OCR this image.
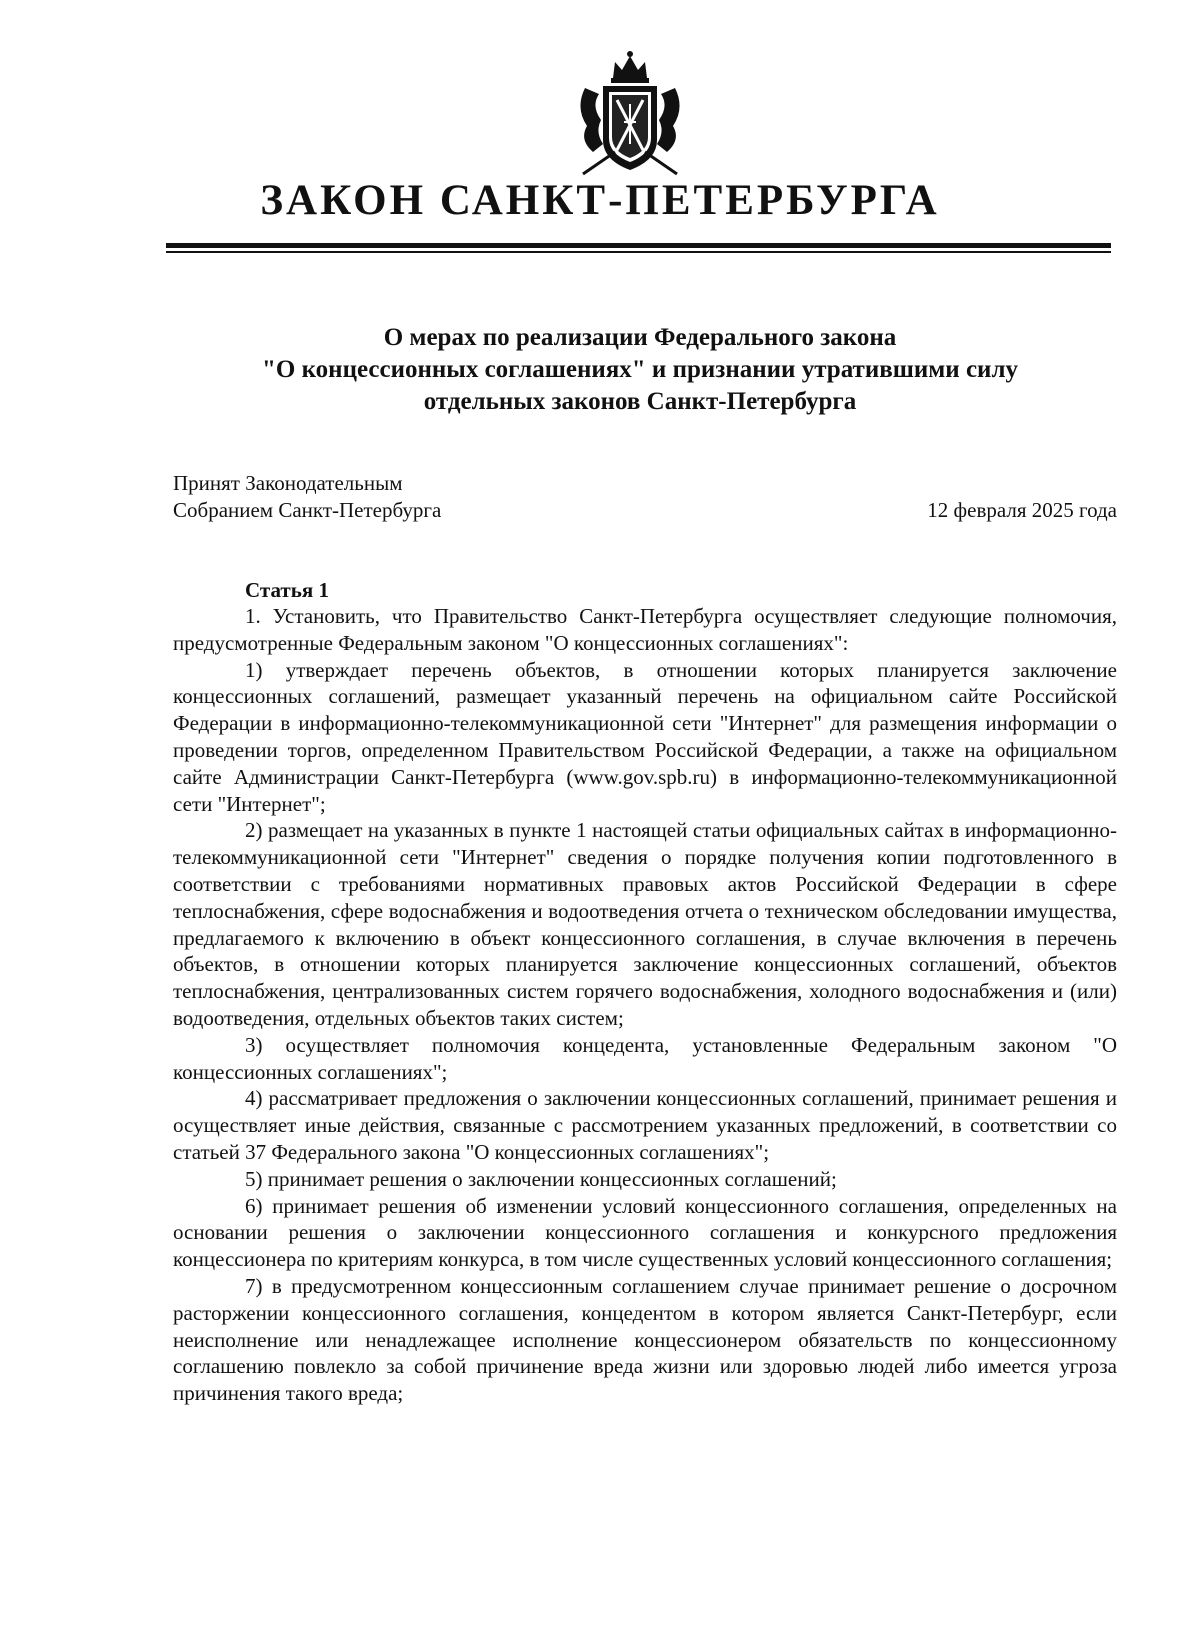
ЗАКОН САНКТ-ПЕТЕРБУРГА
О мерах по реализации Федерального закона
"О концессионных соглашениях" и признании утратившими силу
отдельных законов Санкт-Петербурга
Принят Законодательным
Собранием Санкт-Петербурга	12 февраля 2025 года
Статья 1

1. Установить, что Правительство Санкт-Петербурга осуществляет следующие полномочия, предусмотренные Федеральным законом "О концессионных соглашениях":

1) утверждает перечень объектов, в отношении которых планируется заключение концессионных соглашений, размещает указанный перечень на официальном сайте Российской Федерации в информационно-телекоммуникационной сети "Интернет" для размещения информации о проведении торгов, определенном Правительством Российской Федерации, а также на официальном сайте Администрации Санкт-Петербурга (www.gov.spb.ru) в информационно-телекоммуникационной сети "Интернет";

2) размещает на указанных в пункте 1 настоящей статьи официальных сайтах в информационно-телекоммуникационной сети "Интернет" сведения о порядке получения копии подготовленного в соответствии с требованиями нормативных правовых актов Российской Федерации в сфере теплоснабжения, сфере водоснабжения и водоотведения отчета о техническом обследовании имущества, предлагаемого к включению в объект концессионного соглашения, в случае включения в перечень объектов, в отношении которых планируется заключение концессионных соглашений, объектов теплоснабжения, централизованных систем горячего водоснабжения, холодного водоснабжения и (или) водоотведения, отдельных объектов таких систем;

3) осуществляет полномочия концедента, установленные Федеральным законом "О концессионных соглашениях";

4) рассматривает предложения о заключении концессионных соглашений, принимает решения и осуществляет иные действия, связанные с рассмотрением указанных предложений, в соответствии со статьей 37 Федерального закона "О концессионных соглашениях";

5) принимает решения о заключении концессионных соглашений;

6) принимает решения об изменении условий концессионного соглашения, определенных на основании решения о заключении концессионного соглашения и конкурсного предложения концессионера по критериям конкурса, в том числе существенных условий концессионного соглашения;

7) в предусмотренном концессионным соглашением случае принимает решение о досрочном расторжении концессионного соглашения, концедентом в котором является Санкт-Петербург, если неисполнение или ненадлежащее исполнение концессионером обязательств по концессионному соглашению повлекло за собой причинение вреда жизни или здоровью людей либо имеется угроза причинения такого вреда;
